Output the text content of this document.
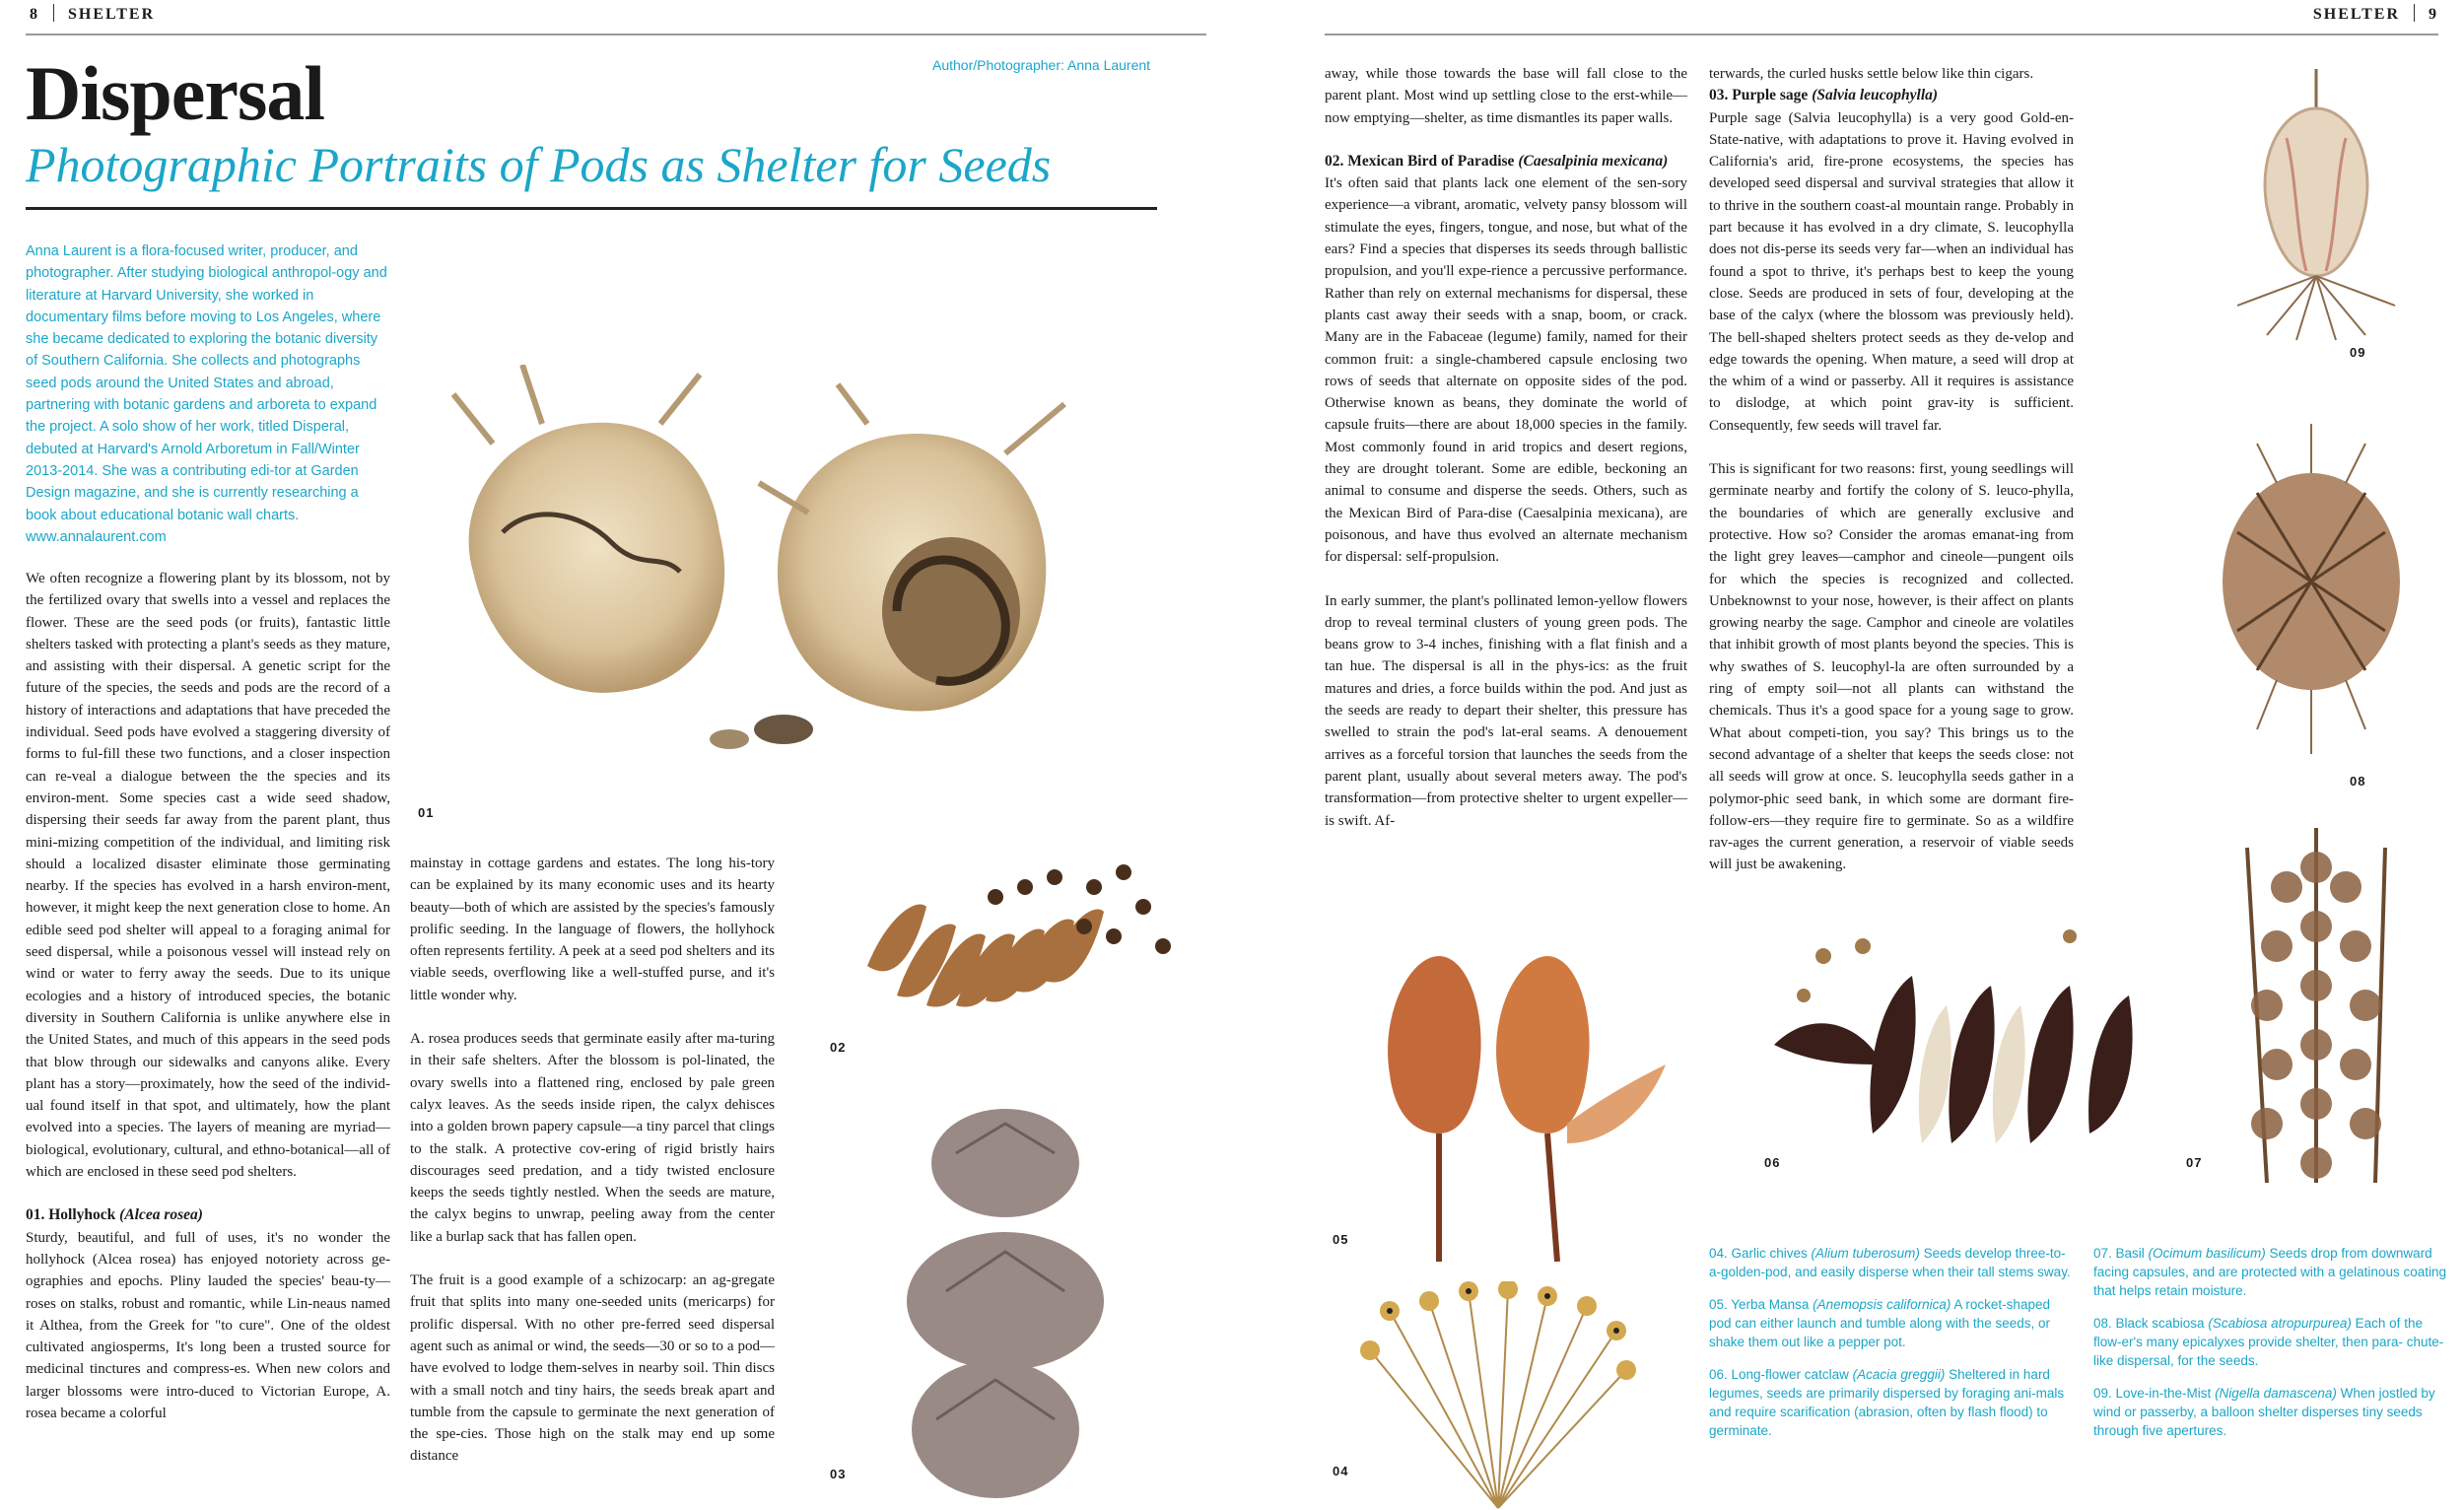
8 SHELTER
Dispersal
Photographic Portraits of Pods as Shelter for Seeds
Author/Photographer: Anna Laurent
Anna Laurent is a flora-focused writer, producer, and photographer. After studying biological anthropol-ogy and literature at Harvard University, she worked in documentary films before moving to Los Angeles, where she became dedicated to exploring the botanic diversity of Southern California. She collects and photographs seed pods around the United States and abroad, partnering with botanic gardens and arboreta to expand the project. A solo show of her work, titled Disperal, debuted at Harvard's Arnold Arboretum in Fall/Winter 2013-2014. She was a contributing edi-tor at Garden Design magazine, and she is currently researching a book about educational botanic wall charts. www.annalaurent.com

We often recognize a flowering plant by its blossom, not by the fertilized ovary that swells into a vessel and replaces the flower. These are the seed pods (or fruits), fantastic little shelters tasked with protecting a plant's seeds as they mature, and assisting with their dispersal. A genetic script for the future of the species, the seeds and pods are the record of a history of interactions and adaptations that have preceded the individual. Seed pods have evolved a staggering diversity of forms to ful-fill these two functions, and a closer inspection can re-veal a dialogue between the the species and its environ-ment. Some species cast a wide seed shadow, dispersing their seeds far away from the parent plant, thus mini-mizing competition of the individual, and limiting risk should a localized disaster eliminate those germinating nearby. If the species has evolved in a harsh environ-ment, however, it might keep the next generation close to home. An edible seed pod shelter will appeal to a foraging animal for seed dispersal, while a poisonous vessel will instead rely on wind or water to ferry away the seeds. Due to its unique ecologies and a history of introduced species, the botanic diversity in Southern California is unlike anywhere else in the United States, and much of this appears in the seed pods that blow through our sidewalks and canyons alike. Every plant has a story—proximately, how the seed of the individ-ual found itself in that spot, and ultimately, how the plant evolved into a species. The layers of meaning are myriad—biological, evolutionary, cultural, and ethno-botanical—all of which are enclosed in these seed pod shelters.

01. Hollyhock (Alcea rosea)

Sturdy, beautiful, and full of uses, it's no wonder the hollyhock (Alcea rosea) has enjoyed notoriety across ge-ographies and epochs. Pliny lauded the species' beau-ty—roses on stalks, robust and romantic, while Lin-neaus named it Althea, from the Greek for "to cure". One of the oldest cultivated angiosperms, It's long been a trusted source for medicinal tinctures and compress-es. When new colors and larger blossoms were intro-duced to Victorian Europe, A. rosea became a colorful

mainstay in cottage gardens and estates. The long his-tory can be explained by its many economic uses and its hearty beauty—both of which are assisted by the species's famously prolific seeding. In the language of flowers, the hollyhock often represents fertility. A peek at a seed pod shelters and its viable seeds, overflowing like a well-stuffed purse, and it's little wonder why.

A. rosea produces seeds that germinate easily after ma-turing in their safe shelters. After the blossom is pol-linated, the ovary swells into a flattened ring, enclosed by pale green calyx leaves. As the seeds inside ripen, the calyx dehisces into a golden brown papery capsule—a tiny parcel that clings to the stalk. A protective cov-ering of rigid bristly hairs discourages seed predation, and a tidy twisted enclosure keeps the seeds tightly nestled. When the seeds are mature, the calyx begins to unwrap, peeling away from the center like a burlap sack that has fallen open.

The fruit is a good example of a schizocarp: an ag-gregate fruit that splits into many one-seeded units (mericarps) for prolific dispersal. With no other pre-ferred seed dispersal agent such as animal or wind, the seeds—30 or so to a pod—have evolved to lodge them-selves in nearby soil. Thin discs with a small notch and tiny hairs, the seeds break apart and tumble from the capsule to germinate the next generation of the spe-cies. Those high on the stalk may end up some distance

01
02
03
SHELTER 9

away, while those towards the base will fall close to the parent plant. Most wind up settling close to the erst-while—now emptying—shelter, as time dismantles its paper walls.

02. Mexican Bird of Paradise (Caesalpinia mexicana)

It's often said that plants lack one element of the sen-sory experience—a vibrant, aromatic, velvety pansy blossom will stimulate the eyes, fingers, tongue, and nose, but what of the ears? Find a species that disperses its seeds through ballistic propulsion, and you'll expe-rience a percussive performance. Rather than rely on external mechanisms for dispersal, these plants cast away their seeds with a snap, boom, or crack. Many are in the Fabaceae (legume) family, named for their common fruit: a single-chambered capsule enclosing two rows of seeds that alternate on opposite sides of the pod. Otherwise known as beans, they dominate the world of capsule fruits—there are about 18,000 species in the family. Most commonly found in arid tropics and desert regions, they are drought tolerant. Some are edible, beckoning an animal to consume and disperse the seeds. Others, such as the Mexican Bird of Para-dise (Caesalpinia mexicana), are poisonous, and have thus evolved an alternate mechanism for dispersal: self-propulsion.

In early summer, the plant's pollinated lemon-yellow flowers drop to reveal terminal clusters of young green pods. The beans grow to 3-4 inches, finishing with a flat finish and a tan hue. The dispersal is all in the phys-ics: as the fruit matures and dries, a force builds within the pod. And just as the seeds are ready to depart their shelter, this pressure has swelled to strain the pod's lat-eral seams. A denouement arrives as a forceful torsion that launches the seeds from the parent plant, usually about several meters away. The pod's transformation—from protective shelter to urgent expeller—is swift. Af-

terwards, the curled husks settle below like thin cigars.

03. Purple sage (Salvia leucophylla)

Purple sage (Salvia leucophylla) is a very good Gold-en-State-native, with adaptations to prove it. Having evolved in California's arid, fire-prone ecosystems, the species has developed seed dispersal and survival strategies that allow it to thrive in the southern coast-al mountain range. Probably in part because it has evolved in a dry climate, S. leucophylla does not dis-perse its seeds very far—when an individual has found a spot to thrive, it's perhaps best to keep the young close. Seeds are produced in sets of four, developing at the base of the calyx (where the blossom was previously held). The bell-shaped shelters protect seeds as they de-velop and edge towards the opening. When mature, a seed will drop at the whim of a wind or passerby. All it requires is assistance to dislodge, at which point grav-ity is sufficient. Consequently, few seeds will travel far.

This is significant for two reasons: first, young seedlings will germinate nearby and fortify the colony of S. leuco-phylla, the boundaries of which are generally exclusive and protective. How so? Consider the aromas emanat-ing from the light grey leaves—camphor and cineole—pungent oils for which the species is recognized and collected. Unbeknownst to your nose, however, is their affect on plants growing nearby the sage. Camphor and cineole are volatiles that inhibit growth of most plants beyond the species. This is why swathes of S. leucophyl-la are often surrounded by a ring of empty soil—not all plants can withstand the chemicals. Thus it's a good space for a young sage to grow. What about competi-tion, you say? This brings us to the second advantage of a shelter that keeps the seeds close: not all seeds will grow at once. S. leucophylla seeds gather in a polymor-phic seed bank, in which some are dormant fire-follow-ers—they require fire to germinate. So as a wildfire rav-ages the current generation, a reservoir of viable seeds will just be awakening.

09
08
07
05
04
06

04. Garlic chives (Alium tuberosum) Seeds develop three-to-a-golden-pod, and easily disperse when their tall stems sway.

05. Yerba Mansa (Anemopsis californica) A rocket-shaped pod can either launch and tumble along with the seeds, or shake them out like a pepper pot.

06. Long-flower catclaw (Acacia greggii) Sheltered in hard legumes, seeds are primarily dispersed by foraging ani-mals and require scarification (abrasion, often by flash flood) to germinate.

07. Basil (Ocimum basilicum) Seeds drop from downward facing capsules, and are protected with a gelatinous coating that helps retain moisture.

08. Black scabiosa (Scabiosa atropurpurea) Each of the flow-er's many epicalyxes provide shelter, then para- chute-like dispersal, for the seeds.

09. Love-in-the-Mist (Nigella damascena) When jostled by wind or passerby, a balloon shelter disperses tiny seeds through five apertures.
